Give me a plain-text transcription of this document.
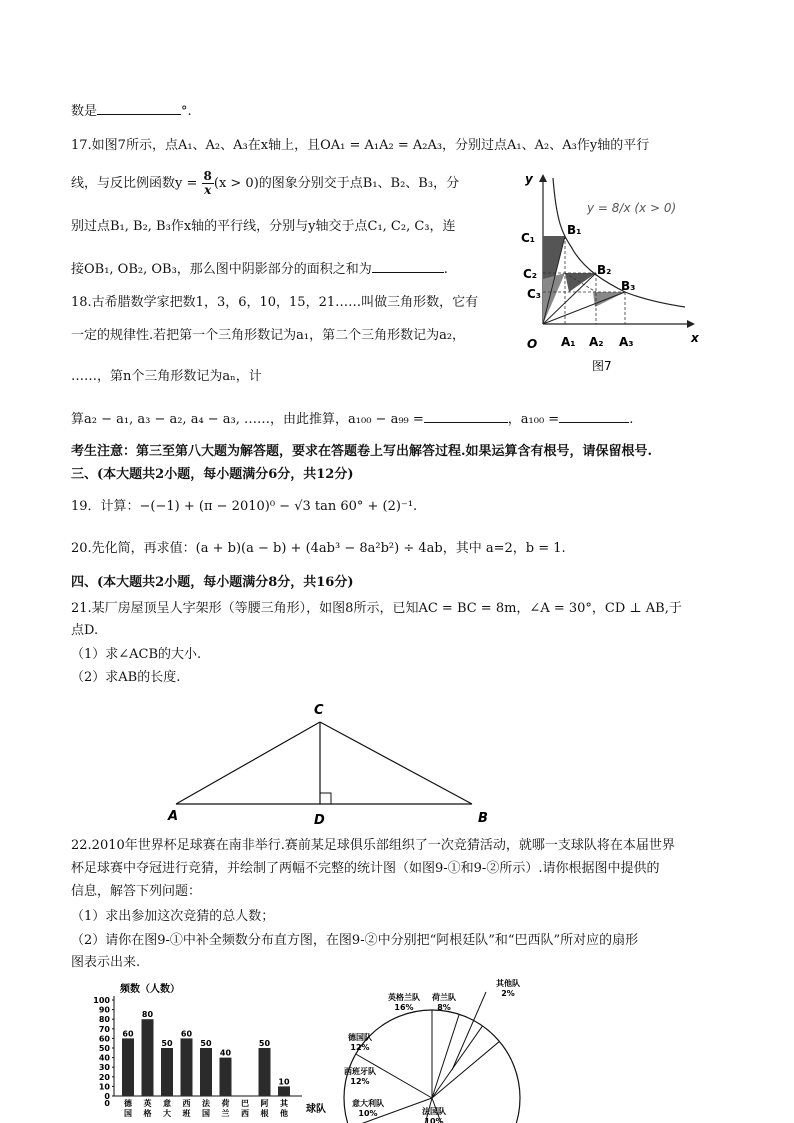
数是	°.
17.如图7所示，点A₁、A₂、A₃在x轴上，且OA₁ = A₁A₂ = A₂A₃，分别过点A₁、A₂、A₃作y轴的平行
线，与反比例函数$y = \frac{8}{x} (x > 0)$的图象分别交于点B₁、B₂、B₃，分
别过点B₁, B₂, B₃作x轴的平行线，分别与y轴交于点C₁, C₂, C₃，连
接OB₁, OB₂, OB₃，那么图中阴影部分的面积之和为	.
18.古希腊数学家把数1，3，6，10，15，21……叫做三角形数，它有
一定的规律性.若把第一个三角形数记为a₁，第二个三角形数记为a₂，
……，第n个三角形数记为aₙ，计
算a₂ − a₁, a₃ − a₂, a₄ − a₃, ……，由此推算，a₁₀₀ − a₉₉ =	，a₁₀₀ =	.
y
x
O
C₁
C₂
C₃
B₁
B₂
B₃
A₁ A₂ A₃
y = 8/x (x > 0)
图7
考生注意：第三至第八大题为解答题，要求在答题卷上写出解答过程.如果运算含有根号，请保留根号.
三、(本大题共2小题，每小题满分6分，共12分)
19．计算：−(−1) + (π − 2010)⁰ − √3 tan 60° + (2)⁻¹.
20.先化简，再求值：(a + b)(a − b) + (4ab³ − 8a²b²) ÷ 4ab，其中 a=2，b = 1.
四、(本大题共2小题，每小题满分8分，共16分)
21.某厂房屋顶呈人字架形（等腰三角形），如图8所示，已知AC = BC = 8m，∠A = 30°，CD ⊥ AB,于
点D.
（1）求∠ACB的大小.
（2）求AB的长度.
C
A	B
D
22.2010年世界杯足球赛在南非举行.赛前某足球俱乐部组织了一次竞猜活动，就哪一支球队将在本届世界
杯足球赛中夺冠进行竞猜，并绘制了两幅不完整的统计图（如图9-①和9-②所示）.请你根据图中提供的
信息，解答下列问题：
（1）求出参加这次竞猜的总人数；
（2）请你在图9-①中补全频数分布直方图，在图9-②中分别把“阿根廷队”和“巴西队”所对应的扇形
图表示出来.
频数（人数）
球队
0
10
20
30
40
50
60
70
80
90
100
60
德
国
80
英
格
50
意
大
60
西
班
50
法
国
40
荷
兰
巴
西
50
阿
根
10
其
他
0
其他队
2%
荷兰队
8%
英格兰队
16%
德国队
12%
西班牙队
12%
意大利队
10%	法国队
10%
